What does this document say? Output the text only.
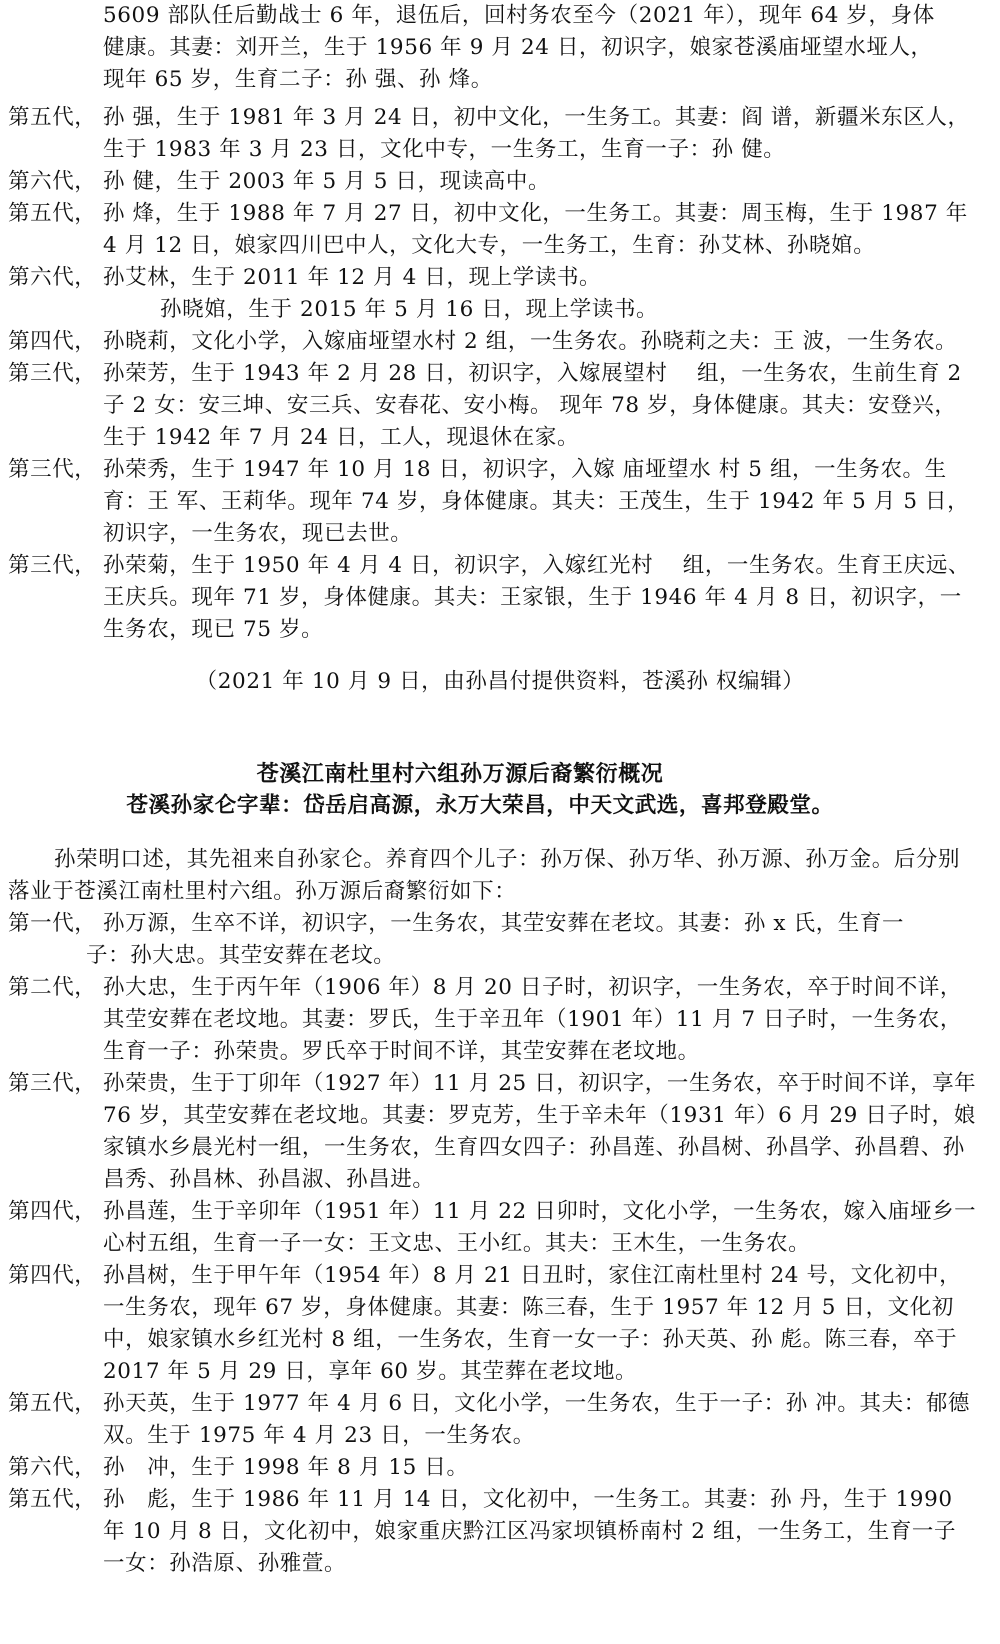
5609 部队任后勤战士 6 年，退伍后，回村务农至今（2021 年），现年 64 岁，身体
健康。其妻：刘开兰，生于 1956 年 9 月 24 日，初识字，娘家苍溪庙垭望水垭人，
现年 65 岁，生育二子：孙 强、孙 烽。
第五代， 孙 强，生于 1981 年 3 月 24 日，初中文化，一生务工。其妻：阎 谱，新疆米东区人，生于 1983 年 3 月 23 日，文化中专，一生务工，生育一子：孙 健。
第六代， 孙 健，生于 2003 年 5 月 5 日，现读高中。
第五代， 孙 烽，生于 1988 年 7 月 27 日，初中文化，一生务工。其妻：周玉梅，生于 1987 年 4 月 12 日，娘家四川巴中人，文化大专，一生务工，生育：孙艾林、孙晓婠。
第六代， 孙艾林，生于 2011 年 12 月 4 日，现上学读书。
孙晓婠，生于 2015 年 5 月 16 日，现上学读书。
第四代， 孙晓莉，文化小学，入嫁庙垭望水村 2 组，一生务农。孙晓莉之夫：王 波，一生务农。
第三代， 孙荣芳，生于 1943 年 2 月 28 日，初识字，入嫁展望村　 组，一生务农，生前生育 2 子 2 女：安三坤、安三兵、安春花、安小梅。 现年 78 岁，身体健康。其夫：安登兴，生于 1942 年 7 月 24 日，工人，现退休在家。
第三代， 孙荣秀，生于 1947 年 10 月 18 日，初识字，入嫁 庙垭望水 村 5 组，一生务农。生育：王 军、王莉华。现年 74 岁，身体健康。其夫：王茂生，生于 1942 年 5 月 5 日，初识字，一生务农，现已去世。
第三代， 孙荣菊，生于 1950 年 4 月 4 日，初识字，入嫁红光村　 组，一生务农。生育王庆远、王庆兵。现年 71 岁，身体健康。其夫：王家银，生于 1946 年 4 月 8 日，初识字，一生务农，现已 75 岁。
（2021 年 10 月 9 日，由孙昌付提供资料，苍溪孙 权编辑）
苍溪江南杜里村六组孙万源后裔繁衍概况
苍溪孙家仑字辈：岱岳启高源，永万大荣昌，中天文武选，喜邦登殿堂。
孙荣明口述，其先祖来自孙家仑。养育四个儿子：孙万保、孙万华、孙万源、孙万金。后分别落业于苍溪江南杜里村六组。孙万源后裔繁衍如下：
第一代， 孙万源，生卒不详，初识字，一生务农，其茔安葬在老坟。其妻：孙 x 氏，生育一
子：孙大忠。其茔安葬在老坟。
第二代， 孙大忠，生于丙午年（1906 年）8 月 20 日子时，初识字，一生务农，卒于时间不详，其茔安葬在老坟地。其妻：罗氏，生于辛丑年（1901 年）11 月 7 日子时，一生务农，生育一子：孙荣贵。罗氏卒于时间不详，其茔安葬在老坟地。
第三代， 孙荣贵，生于丁卯年（1927 年）11 月 25 日，初识字，一生务农，卒于时间不详，享年 76 岁，其茔安葬在老坟地。其妻：罗克芳，生于辛未年（1931 年）6 月 29 日子时，娘家镇水乡晨光村一组，一生务农，生育四女四子：孙昌莲、孙昌树、孙昌学、孙昌碧、孙昌秀、孙昌林、孙昌淑、孙昌进。
第四代， 孙昌莲，生于辛卯年（1951 年）11 月 22 日卯时，文化小学，一生务农，嫁入庙垭乡一心村五组，生育一子一女：王文忠、王小红。其夫：王木生，一生务农。
第四代， 孙昌树，生于甲午年（1954 年）8 月 21 日丑时，家住江南杜里村 24 号，文化初中，一生务农，现年 67 岁，身体健康。其妻：陈三春，生于 1957 年 12 月 5 日，文化初中，娘家镇水乡红光村 8 组，一生务农，生育一女一子：孙天英、孙 彪。陈三春，卒于 2017 年 5 月 29 日，享年 60 岁。其茔葬在老坟地。
第五代， 孙天英，生于 1977 年 4 月 6 日，文化小学，一生务农，生于一子：孙 冲。其夫：郁德双。生于 1975 年 4 月 23 日，一生务农。
第六代， 孙　冲，生于 1998 年 8 月 15 日。
第五代， 孙　彪，生于 1986 年 11 月 14 日，文化初中，一生务工。其妻：孙 丹，生于 1990 年 10 月 8 日，文化初中，娘家重庆黔江区冯家坝镇桥南村 2 组，一生务工，生育一子一女：孙浩原、孙雅萱。
